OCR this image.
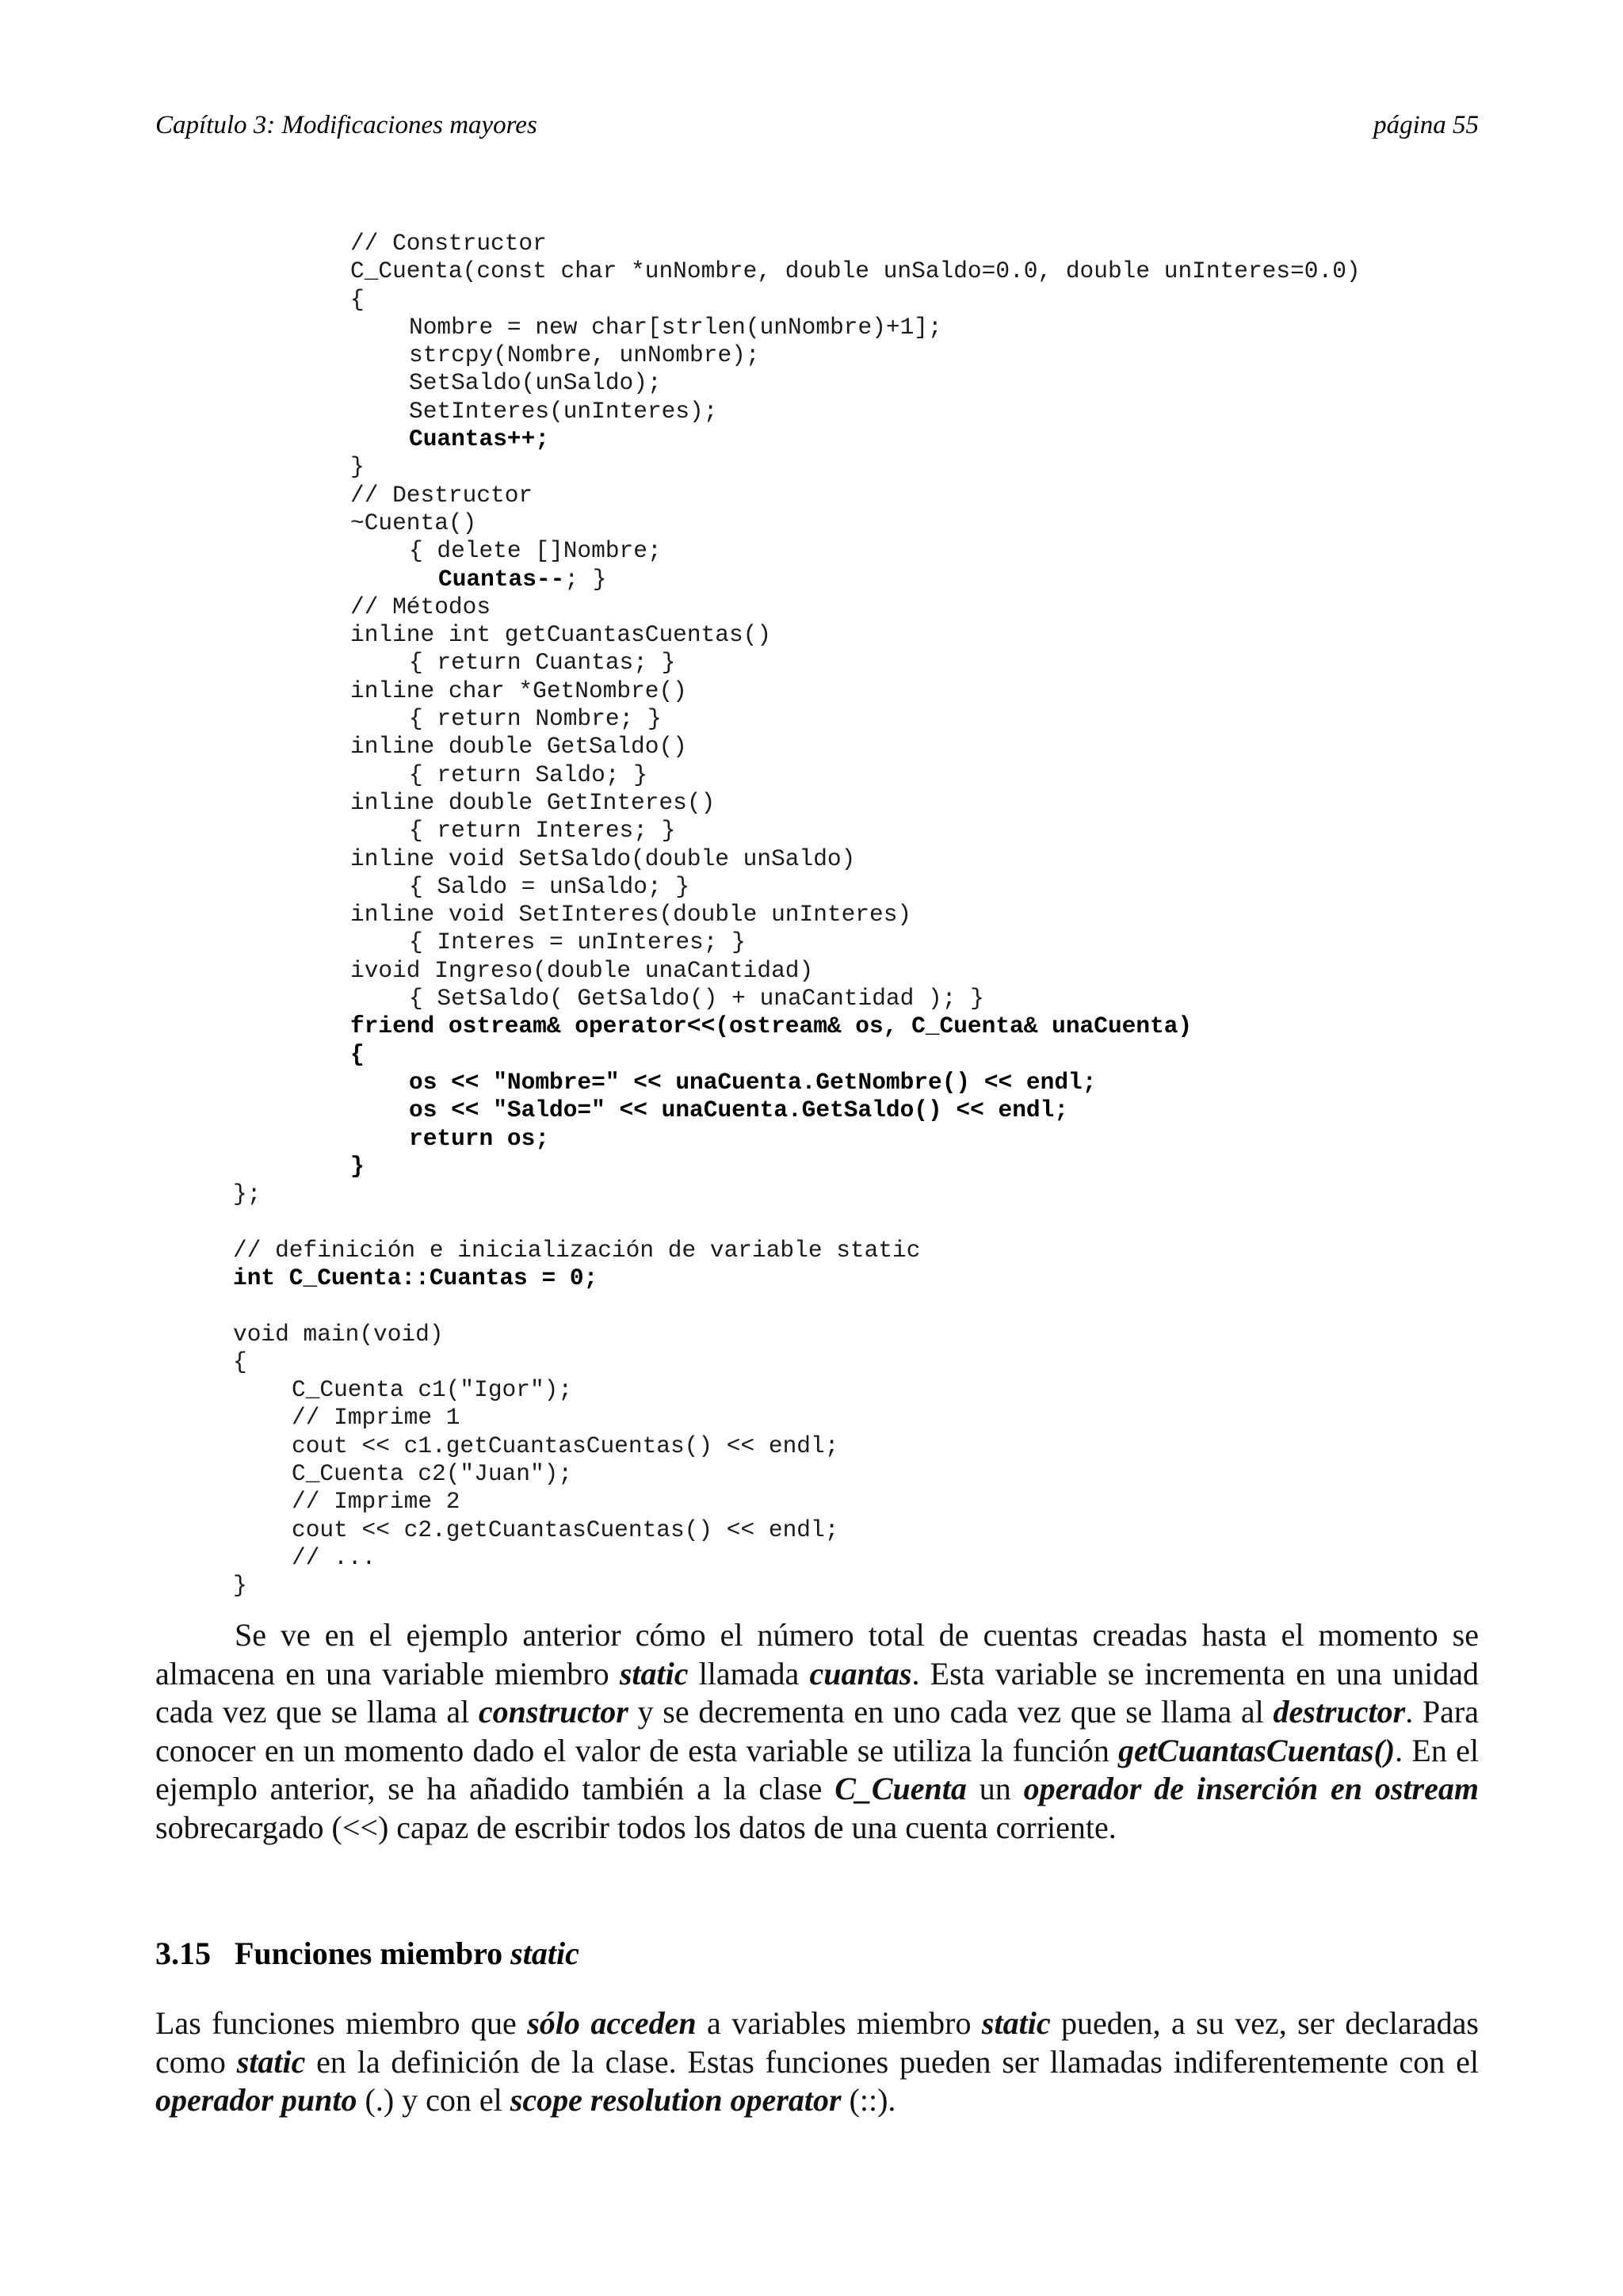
Capítulo 3: Modificaciones mayores	página 55
// Constructor
C_Cuenta(const char *unNombre, double unSaldo=0.0, double unInteres=0.0)
{
Nombre = new char[strlen(unNombre)+1];
strcpy(Nombre, unNombre);
SetSaldo(unSaldo);
SetInteres(unInteres);
Cuantas++;
}
// Destructor
~Cuenta()
{ delete []Nombre;
Cuantas--; }
// Métodos
inline int getCuantasCuentas()
{ return Cuantas; }
inline char *GetNombre()
{ return Nombre; }
inline double GetSaldo()
{ return Saldo; }
inline double GetInteres()
{ return Interes; }
inline void SetSaldo(double unSaldo)
{ Saldo = unSaldo; }
inline void SetInteres(double unInteres)
{ Interes = unInteres; }
ivoid Ingreso(double unaCantidad)
{ SetSaldo( GetSaldo() + unaCantidad ); }
friend ostream& operator<<(ostream& os, C_Cuenta& unaCuenta)
{
os << "Nombre=" << unaCuenta.GetNombre() << endl;
os << "Saldo=" << unaCuenta.GetSaldo() << endl;
return os;
}
};
// definición e inicialización de variable static
int C_Cuenta::Cuantas = 0;
void main(void)
{
C_Cuenta c1("Igor");
// Imprime 1
cout << c1.getCuantasCuentas() << endl;
C_Cuenta c2("Juan");
// Imprime 2
cout << c2.getCuantasCuentas() << endl;
// ...
}
Se ve en el ejemplo anterior cómo el número total de cuentas creadas hasta el momento se almacena en una variable miembro static llamada cuantas. Esta variable se incrementa en una unidad cada vez que se llama al constructor y se decrementa en uno cada vez que se llama al destructor. Para conocer en un momento dado el valor de esta variable se utiliza la función getCuantasCuentas(). En el ejemplo anterior, se ha añadido también a la clase C_Cuenta un operador de inserción en ostream sobrecargado (<<) capaz de escribir todos los datos de una cuenta corriente.
3.15 Funciones miembro static
Las funciones miembro que sólo acceden a variables miembro static pueden, a su vez, ser declaradas como static en la definición de la clase. Estas funciones pueden ser llamadas indiferentemente con el operador punto (.) y con el scope resolution operator (::).
